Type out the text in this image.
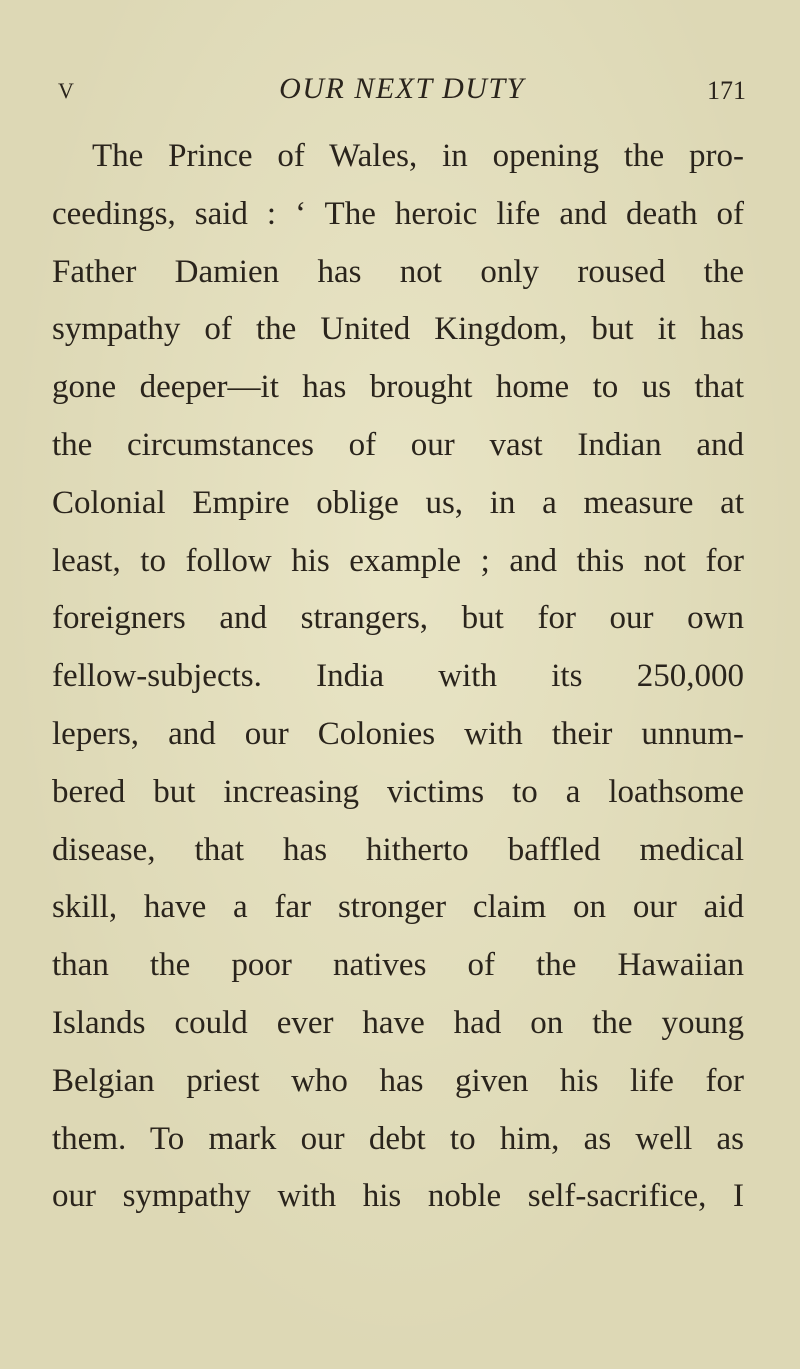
V	OUR NEXT DUTY	171
The Prince of Wales, in opening the pro-
ceedings, said : ‘ The heroic life and death of
Father Damien has not only roused the
sympathy of the United Kingdom, but it has
gone deeper—it has brought home to us that
the circumstances of our vast Indian and
Colonial Empire oblige us, in a measure at
least, to follow his example ; and this not for
foreigners and strangers, but for our own
fellow-subjects. India with its 250,000
lepers, and our Colonies with their unnum-
bered but increasing victims to a loathsome
disease, that has hitherto baffled medical
skill, have a far stronger claim on our aid
than the poor natives of the Hawaiian
Islands could ever have had on the young
Belgian priest who has given his life for
them. To mark our debt to him, as well as
our sympathy with his noble self-sacrifice, I
